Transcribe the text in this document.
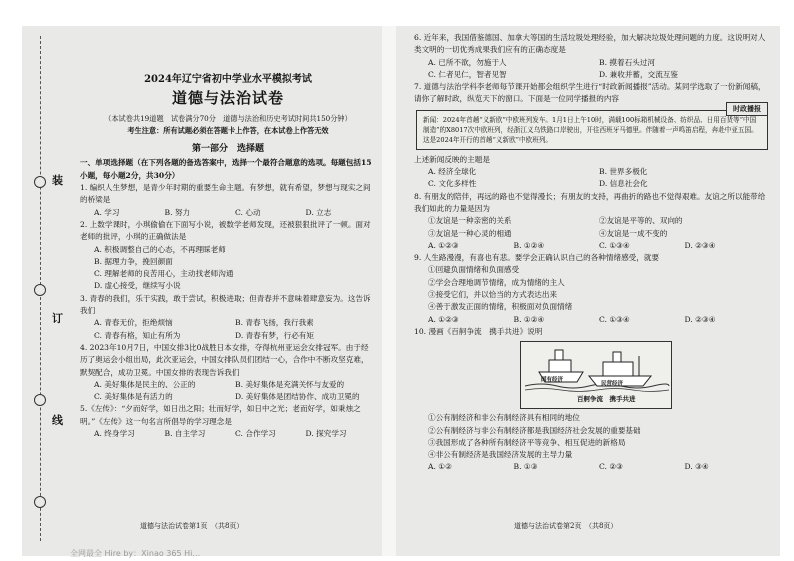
装
订
线
2024年辽宁省初中学业水平模拟考试
道德与法治试卷
（本试卷共19道题　试卷满分70分　道德与法治和历史考试时间共150分钟）
考生注意：所有试题必须在答题卡上作答，在本试卷上作答无效
第一部分　选择题
一、单项选择题（在下列各题的备选答案中，选择一个最符合题意的选项。每题包括15小题，每小题2分，共30分）
1. 编织人生梦想，是青少年时期的重要生命主题。有梦想，就有希望，梦想与现实之间的桥梁是
A. 学习	B. 努力	C. 心动	D. 立志
2. 上数学课时，小琪偷偷在下面写小说，被数学老师发现，还被狠狠批评了一顿。面对老师的批评，小琪的正确做法是
A. 积极调整自己的心态，不再理睬老师
B. 据理力争，挽回颜面
C. 理解老师的良苦用心，主动找老师沟通
D. 虚心接受，继续写小说
3. 青春的我们，乐于实践，敢于尝试，积极进取；但青春并不意味着肆意妄为。这告诉我们
A. 青春无价，拒绝烦恼	B. 青春飞扬，我行我素
C. 青春有格，知止有所为	D. 青春有梦，行必有矩
4. 2023年10月7日，中国女排3比0战胜日本女排，夺得杭州亚运会女排冠军。由于经历了奥运会小组出局，此次亚运会，中国女排队员们团结一心，合作中不断攻坚克难，默契配合，成功卫冕。中国女排的表现告诉我们
A. 美好集体是民主的、公正的	B. 美好集体是充满关怀与友爱的
C. 美好集体是有活力的	D. 美好集体是团结协作、成功卫冕的
5.《左传》：“夕而好学，如日出之阳；壮而好学，如日中之光；老而好学，如秉烛之明。”《左传》这一句名言所倡导的学习理念是
A. 终身学习	B. 自主学习	C. 合作学习	D. 探究学习
道德与法治试卷第1页　（共8页）
6. 近年来，我国借鉴德国、加拿大等国的生活垃圾处理经验，加大解决垃圾处理问题的力度。这说明对人类文明的一切优秀成果我们应有的正确态度是
A. 已所不欲，勿施于人	B. 摸着石头过河
C. 仁者见仁，智者见智	D. 兼收并蓄，交流互鉴
7. 道德与法治学科李老师每节课开始都会组织学生进行“时政新闻播报”活动。某同学选取了一份新闻稿，请你了解时政，纵览天下的窗口。下面是一位同学播报的内容
时政播报
新闻：2024年首趟“义新欧”中欧班列发车。1月1日上午10时，满载100标箱机械设备、纺织品、日用百货等“中国制造”的X8017次中欧班列，经浙江义乌铁路口岸驶出，开往西班牙马德里。伴随着一声鸣笛启程，奔赴中亚五国。这是2024年开行的首趟“义新欧”中欧班列。
上述新闻反映的主题是
A. 经济全球化	B. 世界多极化
C. 文化多样性	D. 信息社会化
8. 有朋友的陪伴，再远的路也不觉得漫长；有朋友的支持，再曲折的路也不觉得艰难。友谊之所以能带给我们如此的力量是因为
①友谊是一种亲密的关系	②友谊是平等的、双向的
③友谊是一种心灵的相通	④友谊是一成不变的
A. ①②③	B. ①②④	C. ①③④	D. ②③④
9. 人生路漫漫，有喜也有悲。要学会正确认识自己的各种情绪感受，就要
①回避负面情绪和负面感受
②学会合理地调节情绪，成为情绪的主人
③接受它们，并以恰当的方式表达出来
④善于激发正面的情绪，积极面对负面情绪
A. ①②③	B. ①②④	C. ①③④	D. ②③④
10. 漫画《百舸争流　携手共进》说明
国有经济
民营经济
百舸争流　携手共进
①公有制经济和非公有制经济具有相同的地位
②公有制经济与非公有制经济都是我国经济社会发展的重要基础
③我国形成了各种所有制经济平等竞争、相互促进的新格局
④非公有制经济是我国经济发展的主导力量
A. ①②	B. ①③	C. ②③	D. ③④
道德与法治试卷第2页　（共8页）
全网最全 Hire by：Xinao 365 Hi…
